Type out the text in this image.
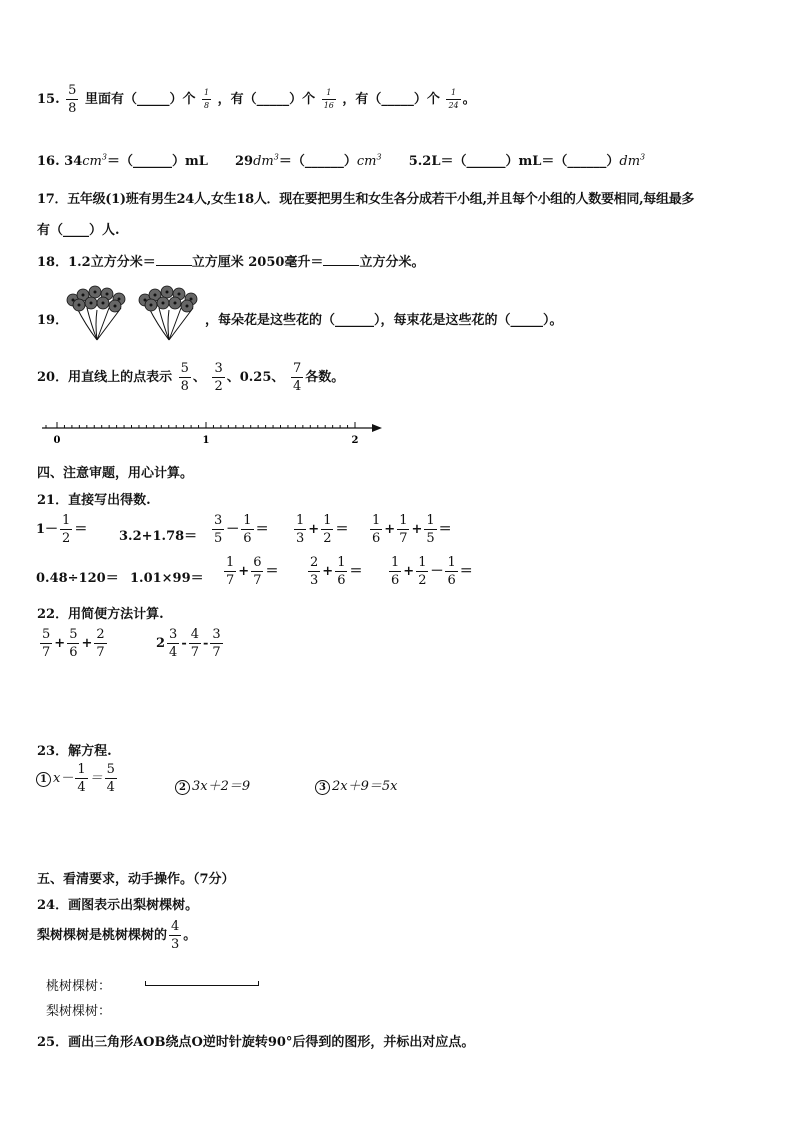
15. $\frac{5}{8}$ 里面有（_____）个 $\frac{1}{8}$ ，有（_____）个 $\frac{1}{16}$ ，有（_____）个 $\frac{1}{24}$ 。
16. $34cm^3=(\_\_\_\_\_\_)mL$ $29dm^3=(\_\_\_\_\_\_)cm^3$ $5.2L=(\_\_\_\_\_\_)mL=(\_\_\_\_\_\_)dm^3$
17．五年级(1)班有男生24人,女生18人．现在要把男生和女生各分成若干小组,并且每个小组的人数要相同,每组最多
有（____）人.
18．1.2立方分米＝	立方厘米 2050毫升＝	立方分米。
19．	，每朵花是这些花的（______），每束花是这些花的（_____）。
20．用直线上的点表示 $\frac{5}{8}$ 、 $\frac{3}{2}$ 、0.25、 $\frac{7}{4}$ 各数。
0	1	2
四、注意审题，用心计算。
21．直接写出得数.
$1- \frac{1}{2} = 3.2+1.78= \frac{3}{5} - \frac{1}{6} = \frac{1}{3} + \frac{1}{2} = \frac{1}{6} + \frac{1}{7} + \frac{1}{5}$ ＝
$0.48\div 120= 1.01\times 99= \frac{1}{7} + \frac{6}{7} = \frac{2}{3} + \frac{1}{6} = \frac{1}{6} + \frac{1}{2} - \frac{1}{6}$ ＝
22．用简便方法计算.
$\frac{5}{7} + \frac{5}{6} + \frac{2}{7}$	$2 \frac{3}{4} - \frac{4}{7} - \frac{3}{7}$
23．解方程.
1 $x- \frac{1}{4} = \frac{5}{4}$	2 3x＋2＝9	3 2x＋9＝5x
五、看清要求，动手操作。（7分）
24．画图表示出梨树棵树。
梨树棵树是桃树棵树的 $\frac{4}{3}$ 。
桃树棵树：
梨树棵树：
25．画出三角形AOB绕点O逆时针旋转90°后得到的图形，并标出对应点。
